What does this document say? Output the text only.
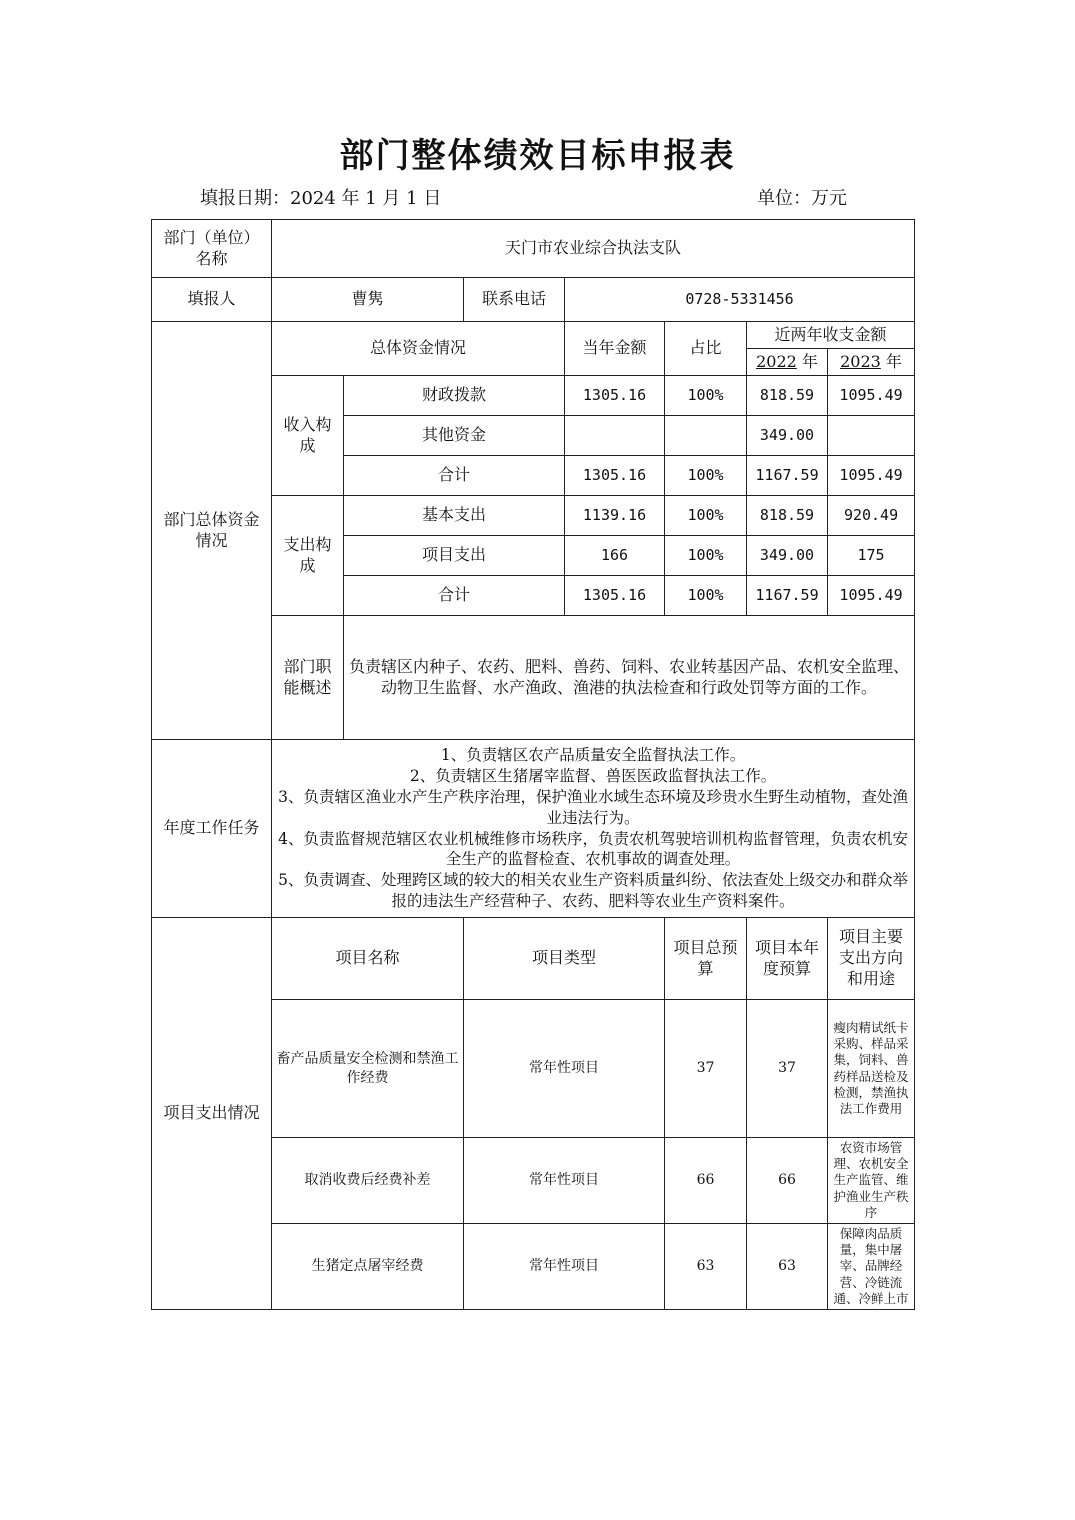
部门整体绩效目标申报表
填报日期：2024 年 1 月 1 日	单位：万元
部门（单位）名称	天门市农业综合执法支队						
填报人	曹隽		联系电话	0728-5331456			
部门总体资金情况	总体资金情况			当年金额	占比	近两年收支金额	
						2022 年	2023 年
	收入构成	财政拨款		1305.16	100%	818.59	1095.49
		其他资金				349.00	
		合计		1305.16	100%	1167.59	1095.49
	支出构成	基本支出		1139.16	100%	818.59	920.49
		项目支出		166	100%	349.00	175
		合计		1305.16	100%	1167.59	1095.49
	部门职能概述	负责辖区内种子、农药、肥料、兽药、饲料、农业转基因产品、农机安全监理、动物卫生监督、水产渔政、渔港的执法检查和行政处罚等方面的工作。					
年度工作任务	1、负责辖区农产品质量安全监督执法工作。
2、负责辖区生猪屠宰监督、兽医医政监督执法工作。
3、负责辖区渔业水产生产秩序治理，保护渔业水域生态环境及珍贵水生野生动植物，查处渔业违法行为。
4、负责监督规范辖区农业机械维修市场秩序，负责农机驾驶培训机构监督管理，负责农机安全生产的监督检查、农机事故的调查处理。
5、负责调查、处理跨区域的较大的相关农业生产资料质量纠纷、依法查处上级交办和群众举报的违法生产经营种子、农药、肥料等农业生产资料案件。						

项目支出情况	项目名称		项目类型		项目总预算	项目本年度预算	项目主要支出方向和用途
	畜产品质量安全检测和禁渔工作经费		常年性项目		37	37	瘦肉精试纸卡采购、样品采集，饲料、兽药样品送检及检测，禁渔执法工作费用
	取消收费后经费补差		常年性项目		66	66	农资市场管理、农机安全生产监管、维护渔业生产秩序
	生猪定点屠宰经费		常年性项目		63	63	保障肉品质量，集中屠宰、品牌经营、冷链流通、冷鲜上市
